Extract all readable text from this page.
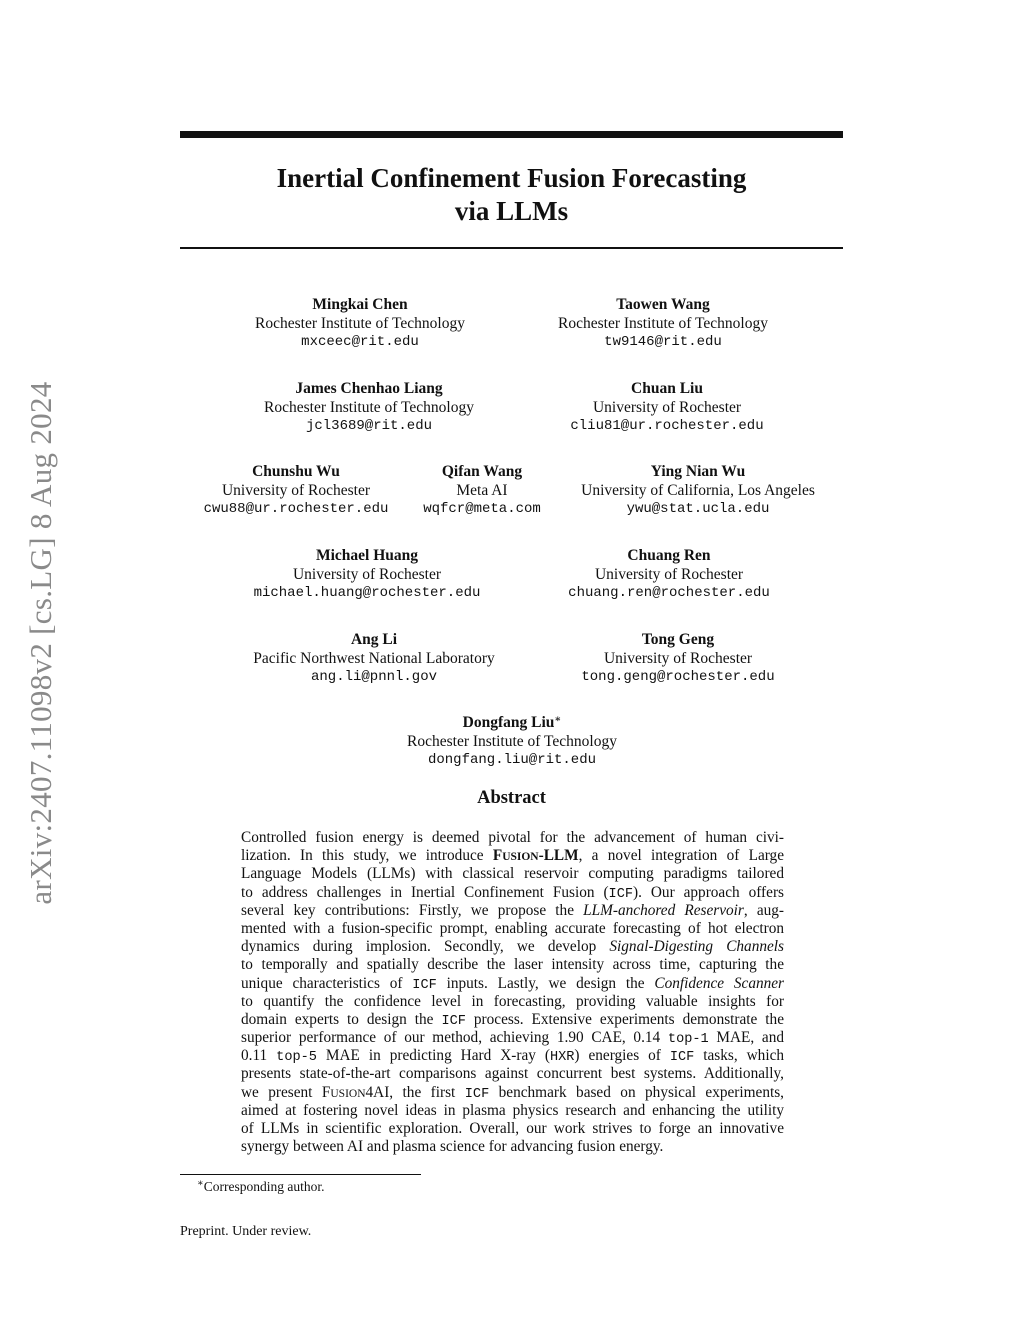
arXiv:2407.11098v2 [cs.LG] 8 Aug 2024
Inertial Confinement Fusion Forecasting
via LLMs
Mingkai Chen
Rochester Institute of Technology
mxceec@rit.edu
Taowen Wang
Rochester Institute of Technology
tw9146@rit.edu
James Chenhao Liang
Rochester Institute of Technology
jcl3689@rit.edu
Chuan Liu
University of Rochester
cliu81@ur.rochester.edu
Chunshu Wu
University of Rochester
cwu88@ur.rochester.edu
Qifan Wang
Meta AI
wqfcr@meta.com
Ying Nian Wu
University of California, Los Angeles
ywu@stat.ucla.edu
Michael Huang
University of Rochester
michael.huang@rochester.edu
Chuang Ren
University of Rochester
chuang.ren@rochester.edu
Ang Li
Pacific Northwest National Laboratory
ang.li@pnnl.gov
Tong Geng
University of Rochester
tong.geng@rochester.edu
Dongfang Liu∗
Rochester Institute of Technology
dongfang.liu@rit.edu
Abstract
Controlled fusion energy is deemed pivotal for the advancement of human civi-
lization. In this study, we introduce FUSION-LLM, a novel integration of Large
Language Models (LLMs) with classical reservoir computing paradigms tailored
to address challenges in Inertial Confinement Fusion (ICF). Our approach offers
several key contributions: Firstly, we propose the LLM-anchored Reservoir, aug-
mented with a fusion-specific prompt, enabling accurate forecasting of hot electron
dynamics during implosion. Secondly, we develop Signal-Digesting Channels
to temporally and spatially describe the laser intensity across time, capturing the
unique characteristics of ICF inputs. Lastly, we design the Confidence Scanner
to quantify the confidence level in forecasting, providing valuable insights for
domain experts to design the ICF process. Extensive experiments demonstrate the
superior performance of our method, achieving 1.90 CAE, 0.14 top-1 MAE, and
0.11 top-5 MAE in predicting Hard X-ray (HXR) energies of ICF tasks, which
presents state-of-the-art comparisons against concurrent best systems. Additionally,
we present FUSION4AI, the first ICF benchmark based on physical experiments,
aimed at fostering novel ideas in plasma physics research and enhancing the utility
of LLMs in scientific exploration. Overall, our work strives to forge an innovative
synergy between AI and plasma science for advancing fusion energy.
∗Corresponding author.
Preprint. Under review.
